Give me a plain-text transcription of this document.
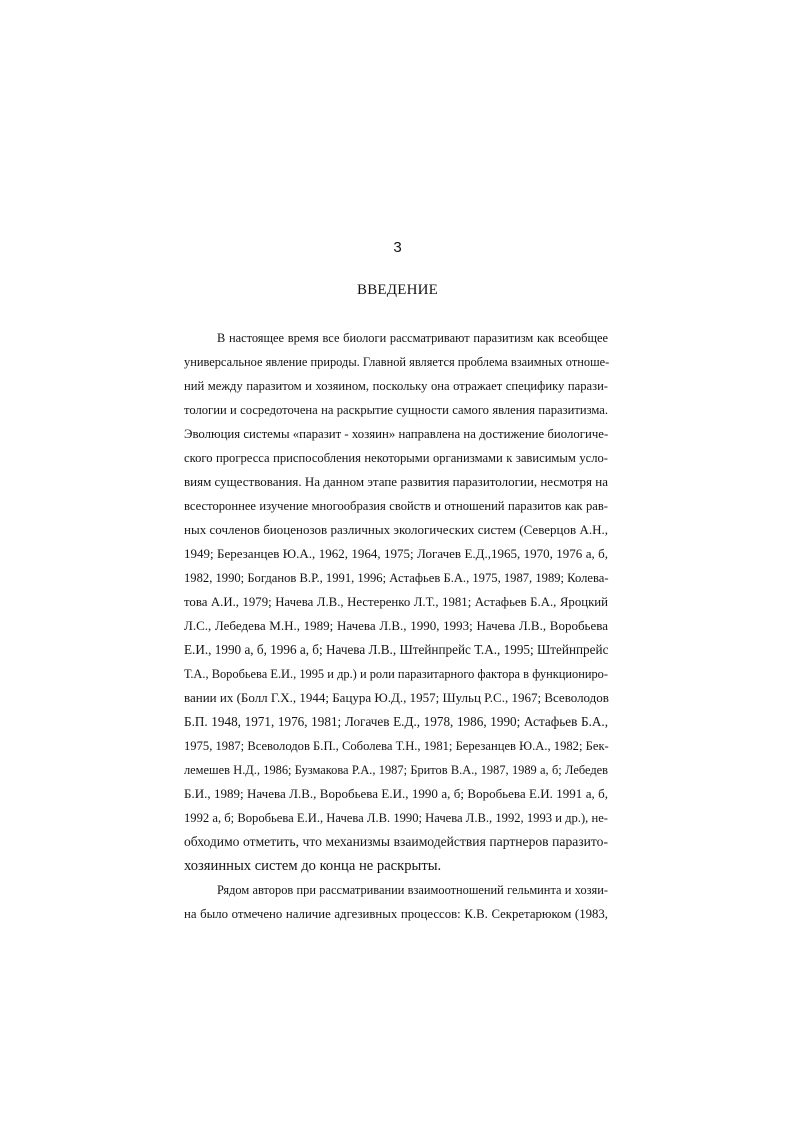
3
ВВЕДЕНИЕ
В настоящее время все биологи рассматривают паразитизм как всеобщее
универсальное явление природы. Главной является проблема взаимных отноше-
ний между паразитом и хозяином, поскольку она отражает специфику парази-
тологии и сосредоточена на раскрытие сущности самого явления паразитизма.
Эволюция системы «паразит - хозяин» направлена на достижение биологиче-
ского прогресса приспособления некоторыми организмами к зависимым усло-
виям существования. На данном этапе развития паразитологии, несмотря на
всестороннее изучение многообразия свойств и отношений паразитов как рав-
ных сочленов биоценозов различных экологических систем (Северцов А.Н.,
1949; Березанцев Ю.А., 1962, 1964, 1975; Логачев Е.Д.,1965, 1970, 1976 а, б,
1982, 1990; Богданов В.Р., 1991, 1996; Астафьев Б.А., 1975, 1987, 1989; Колева-
това А.И., 1979; Начева Л.В., Нестеренко Л.Т., 1981; Астафьев Б.А., Яроцкий
Л.С., Лебедева М.Н., 1989; Начева Л.В., 1990, 1993; Начева Л.В., Воробьева
Е.И., 1990 а, б, 1996 а, б; Начева Л.В., Штейнпрейс Т.А., 1995; Штейнпрейс
Т.А., Воробьева Е.И., 1995 и др.) и роли паразитарного фактора в функциониро-
вании их (Болл Г.Х., 1944; Бацура Ю.Д., 1957; Шульц Р.С., 1967; Всеволодов
Б.П. 1948, 1971, 1976, 1981; Логачев Е.Д., 1978, 1986, 1990; Астафьев Б.А.,
1975, 1987; Всеволодов Б.П., Соболева Т.Н., 1981; Березанцев Ю.А., 1982; Бек-
лемешев Н.Д., 1986; Бузмакова Р.А., 1987; Бритов В.А., 1987, 1989 а, б; Лебедев
Б.И., 1989; Начева Л.В., Воробьева Е.И., 1990 а, б; Воробьева Е.И. 1991 а, б,
1992 а, б; Воробьева Е.И., Начева Л.В. 1990; Начева Л.В., 1992, 1993 и др.), не-
обходимо отметить, что механизмы взаимодействия партнеров паразито-
хозяинных систем до конца не раскрыты.
Рядом авторов при рассматривании взаимоотношений гельминта и хозяи-
на было отмечено наличие адгезивных процессов: К.В. Секретарюком (1983,
